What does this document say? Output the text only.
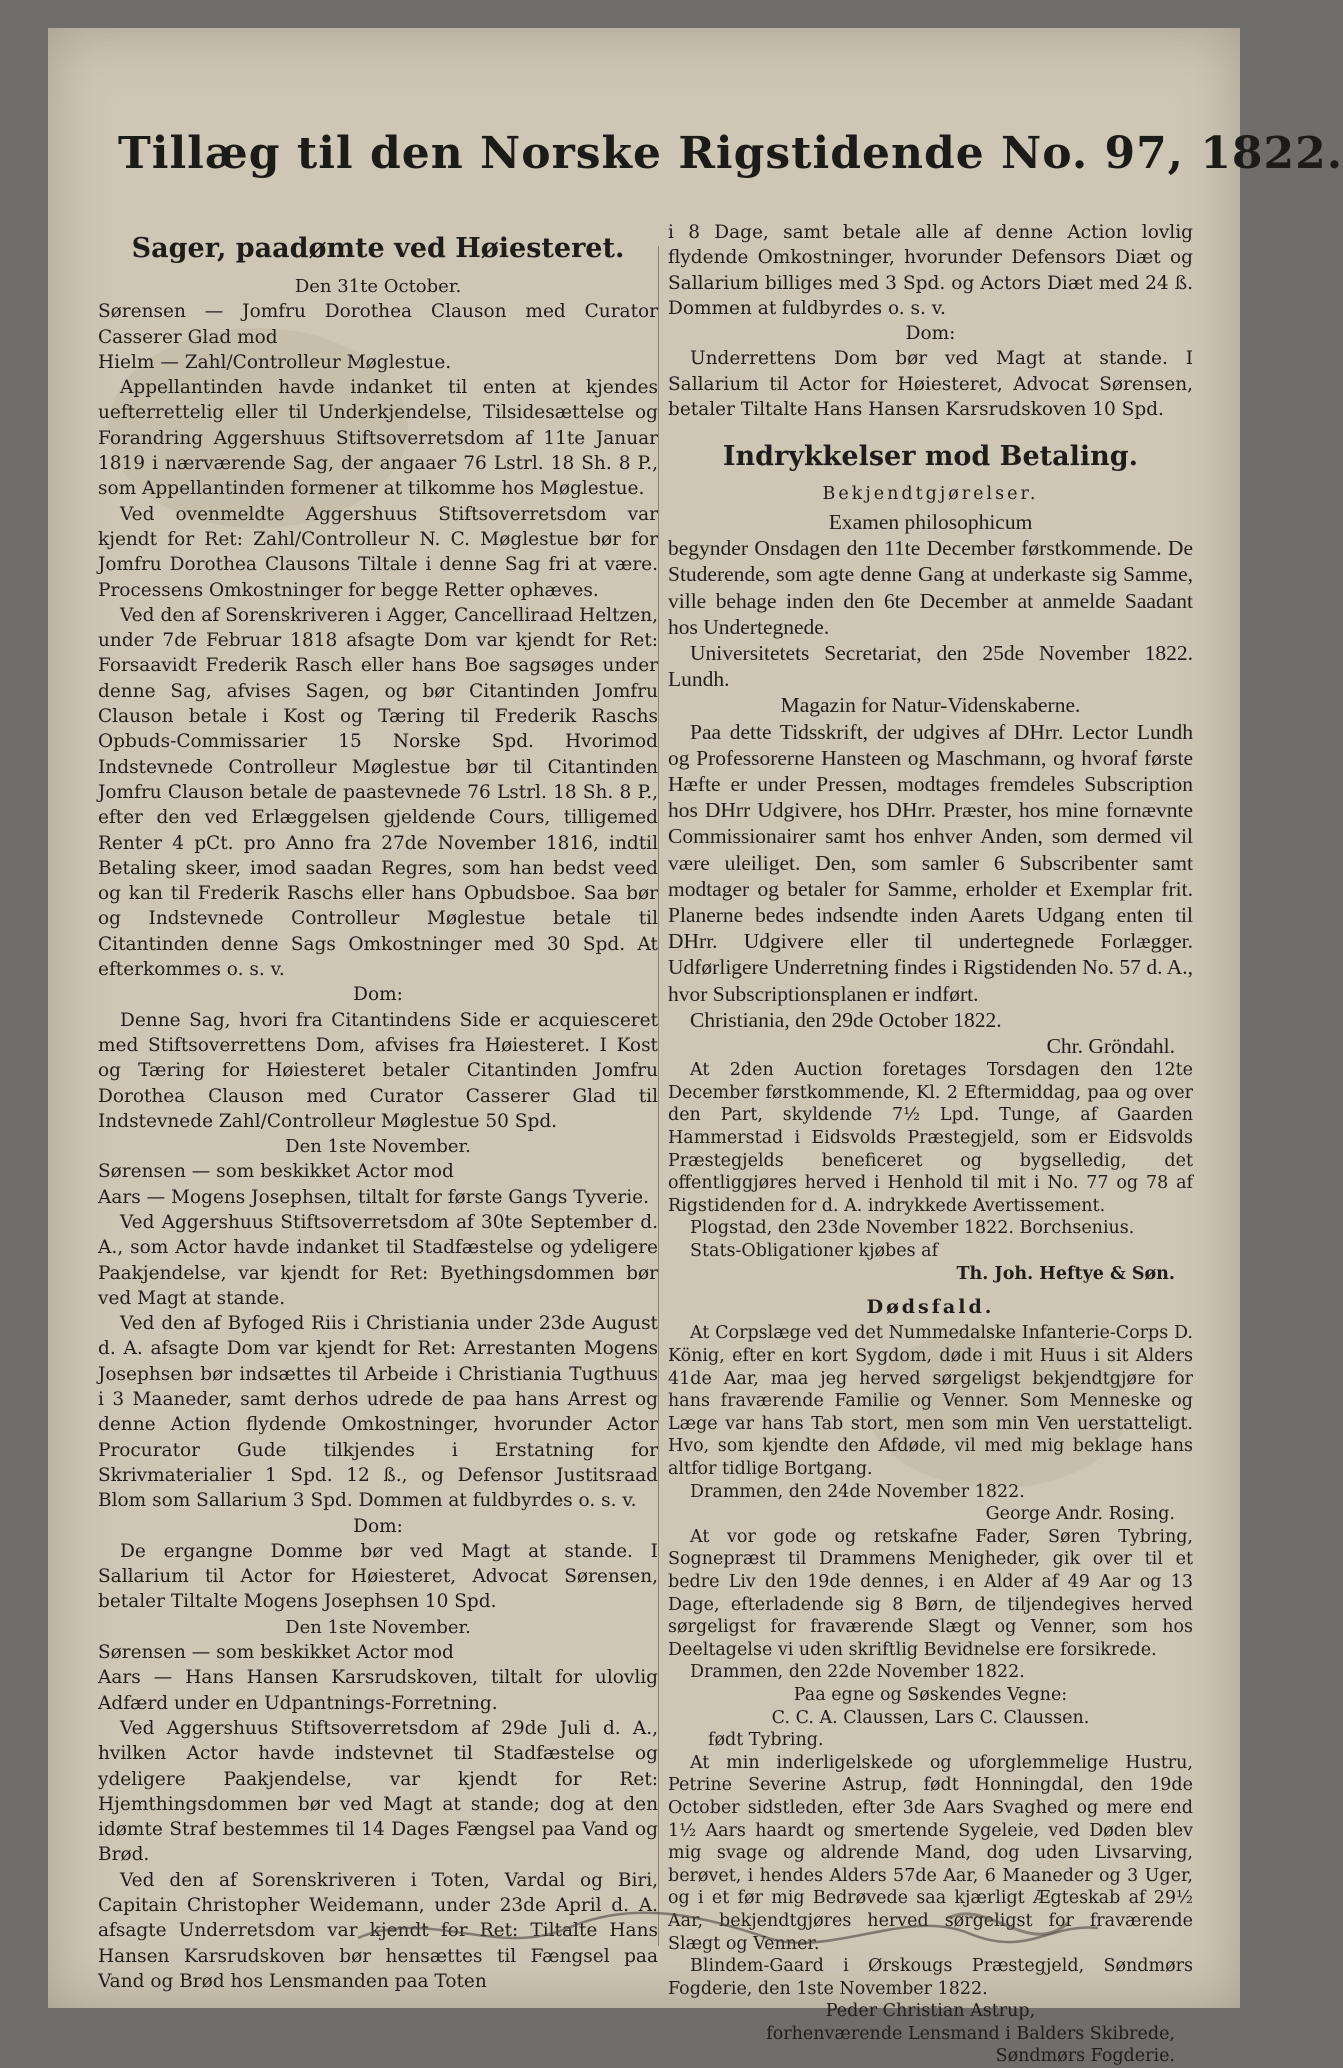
Tillæg til den Norske Rigstidende No. 97, 1822.
Sager, paadømte ved Høiesteret.
Den 31te October.

Sørensen — Jomfru Dorothea Clauson med Curator Casserer Glad mod

Hielm — Zahl/Controlleur Møglestue.

Appellantinden havde indanket til enten at kjendes uefterrettelig eller til Underkjendelse, Tilsidesættelse og Forandring Aggershuus Stiftsoverretsdom af 11te Januar 1819 i nærværende Sag, der angaaer 76 Lstrl. 18 Sh. 8 P., som Appellantinden formener at tilkomme hos Møglestue.

Ved ovenmeldte Aggershuus Stiftsoverretsdom var kjendt for Ret: Zahl/Controlleur N. C. Møglestue bør for Jomfru Dorothea Clausons Tiltale i denne Sag fri at være. Processens Omkostninger for begge Retter ophæves.

Ved den af Sorenskriveren i Agger, Cancelliraad Heltzen, under 7de Februar 1818 afsagte Dom var kjendt for Ret: Forsaavidt Frederik Rasch eller hans Boe sagsøges under denne Sag, afvises Sagen, og bør Citantinden Jomfru Clauson betale i Kost og Tæring til Frederik Raschs Opbuds-Commissarier 15 Norske Spd. Hvorimod Indstevnede Controlleur Møglestue bør til Citantinden Jomfru Clauson betale de paastevnede 76 Lstrl. 18 Sh. 8 P., efter den ved Erlæggelsen gjeldende Cours, tilligemed Renter 4 pCt. pro Anno fra 27de November 1816, indtil Betaling skeer, imod saadan Regres, som han bedst veed og kan til Frederik Raschs eller hans Opbudsboe. Saa bør og Indstevnede Controlleur Møglestue betale til Citantinden denne Sags Omkostninger med 30 Spd. At efterkommes o. s. v.

Dom:

Denne Sag, hvori fra Citantindens Side er acquiesceret med Stiftsoverrettens Dom, afvises fra Høiesteret. I Kost og Tæring for Høiesteret betaler Citantinden Jomfru Dorothea Clauson med Curator Casserer Glad til Indstevnede Zahl/Controlleur Møglestue 50 Spd.

Den 1ste November.

Sørensen — som beskikket Actor mod

Aars — Mogens Josephsen, tiltalt for første Gangs Tyverie.

Ved Aggershuus Stiftsoverretsdom af 30te September d. A., som Actor havde indanket til Stadfæstelse og ydeligere Paakjendelse, var kjendt for Ret: Byethingsdommen bør ved Magt at stande.

Ved den af Byfoged Riis i Christiania under 23de August d. A. afsagte Dom var kjendt for Ret: Arrestanten Mogens Josephsen bør indsættes til Arbeide i Christiania Tugthuus i 3 Maaneder, samt derhos udrede de paa hans Arrest og denne Action flydende Omkostninger, hvorunder Actor Procurator Gude tilkjendes i Erstatning for Skrivmaterialier 1 Spd. 12 ß., og Defensor Justitsraad Blom som Sallarium 3 Spd. Dommen at fuldbyrdes o. s. v.

Dom:

De ergangne Domme bør ved Magt at stande. I Sallarium til Actor for Høiesteret, Advocat Sørensen, betaler Tiltalte Mogens Josephsen 10 Spd.

Den 1ste November.

Sørensen — som beskikket Actor mod

Aars — Hans Hansen Karsrudskoven, tiltalt for ulovlig Adfærd under en Udpantnings-Forretning.

Ved Aggershuus Stiftsoverretsdom af 29de Juli d. A., hvilken Actor havde indstevnet til Stadfæstelse og ydeligere Paakjendelse, var kjendt for Ret: Hjemthingsdommen bør ved Magt at stande; dog at den idømte Straf bestemmes til 14 Dages Fængsel paa Vand og Brød.

Ved den af Sorenskriveren i Toten, Vardal og Biri, Capitain Christopher Weidemann, under 23de April d. A. afsagte Underretsdom var kjendt for Ret: Tiltalte Hans Hansen Karsrudskoven bør hensættes til Fængsel paa Vand og Brød hos Lensmanden paa Toten

i 8 Dage, samt betale alle af denne Action lovlig flydende Omkostninger, hvorunder Defensors Diæt og Sallarium billiges med 3 Spd. og Actors Diæt med 24 ß. Dommen at fuldbyrdes o. s. v.

Dom:

Underrettens Dom bør ved Magt at stande. I Sallarium til Actor for Høiesteret, Advocat Sørensen, betaler Tiltalte Hans Hansen Karsrudskoven 10 Spd.

Indrykkelser mod Betaling.
Bekjendtgjørelser.
Examen philosophicum

begynder Onsdagen den 11te December førstkommende. De Studerende, som agte denne Gang at underkaste sig Samme, ville behage inden den 6te December at anmelde Saadant hos Undertegnede.

Universitetets Secretariat, den 25de November 1822. Lundh.

Magazin for Natur-Videnskaberne.

Paa dette Tidsskrift, der udgives af DHrr. Lector Lundh og Professorerne Hansteen og Maschmann, og hvoraf første Hæfte er under Pressen, modtages fremdeles Subscription hos DHrr Udgivere, hos DHrr. Præster, hos mine fornævnte Commissionairer samt hos enhver Anden, som dermed vil være uleiliget. Den, som samler 6 Subscribenter samt modtager og betaler for Samme, erholder et Exemplar frit. Planerne bedes indsendte inden Aarets Udgang enten til DHrr. Udgivere eller til undertegnede Forlægger. Udførligere Underretning findes i Rigstidenden No. 57 d. A., hvor Subscriptionsplanen er indført.

Christiania, den 29de October 1822.

Chr. Gröndahl.

At 2den Auction foretages Torsdagen den 12te December førstkommende, Kl. 2 Eftermiddag, paa og over den Part, skyldende 7½ Lpd. Tunge, af Gaarden Hammerstad i Eidsvolds Præstegjeld, som er Eidsvolds Præstegjelds beneficeret og bygselledig, det offentliggjøres herved i Henhold til mit i No. 77 og 78 af Rigstidenden for d. A. indrykkede Avertissement.

Plogstad, den 23de November 1822. Borchsenius.

Stats-Obligationer kjøbes af

Th. Joh. Heftye & Søn.
Dødsfald.

At Corpslæge ved det Nummedalske Infanterie-Corps D. König, efter en kort Sygdom, døde i mit Huus i sit Alders 41de Aar, maa jeg herved sørgeligst bekjendtgjøre for hans fraværende Familie og Venner. Som Menneske og Læge var hans Tab stort, men som min Ven uerstatteligt. Hvo, som kjendte den Afdøde, vil med mig beklage hans altfor tidlige Bortgang.

Drammen, den 24de November 1822.

George Andr. Rosing.

At vor gode og retskafne Fader, Søren Tybring, Sognepræst til Drammens Menigheder, gik over til et bedre Liv den 19de dennes, i en Alder af 49 Aar og 13 Dage, efterladende sig 8 Børn, de tiljendegives herved sørgeligst for fraværende Slægt og Venner, som hos Deeltagelse vi uden skriftlig Bevidnelse ere forsikrede.

Drammen, den 22de November 1822.

Paa egne og Søskendes Vegne:
C. C. A. Claussen, Lars C. Claussen.
født Tybring.

At min inderligelskede og uforglemmelige Hustru, Petrine Severine Astrup, født Honningdal, den 19de October sidstleden, efter 3de Aars Svaghed og mere end 1½ Aars haardt og smertende Sygeleie, ved Døden blev mig svage og aldrende Mand, dog uden Livsarving, berøvet, i hendes Alders 57de Aar, 6 Maaneder og 3 Uger, og i et før mig Bedrøvede saa kjærligt Ægteskab af 29½ Aar, bekjendtgjøres herved sørgeligst for fraværende Slægt og Venner.

Blindem-Gaard i Ørskougs Præstegjeld, Søndmørs Fogderie, den 1ste November 1822.

Peder Christian Astrup,
forhenværende Lensmand i Balders Skibrede,
Søndmørs Fogderie.
